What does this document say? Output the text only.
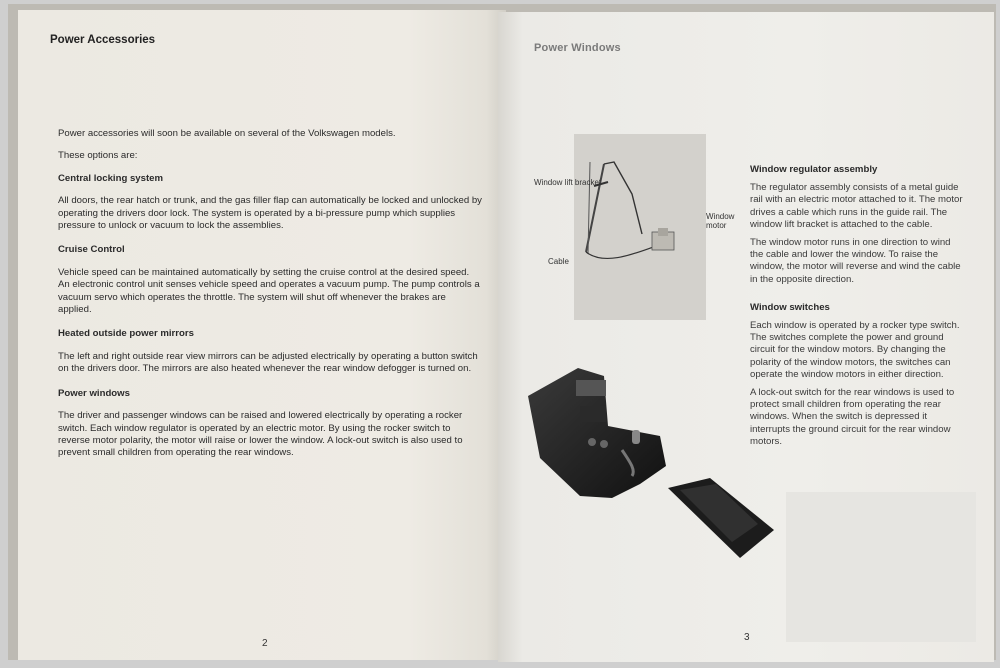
Power Accessories

Power accessories will soon be available on several of the Volkswagen models.

These options are:

Central locking system

All doors, the rear hatch or trunk, and the gas filler flap can automatically be locked and unlocked by operating the drivers door lock. The system is operated by a bi-pressure pump which supplies pressure to unlock or vacuum to lock the assemblies.

Cruise Control

Vehicle speed can be maintained automatically by setting the cruise control at the desired speed. An electronic control unit senses vehicle speed and operates a vacuum pump. The pump controls a vacuum servo which operates the throttle. The system will shut off whenever the brakes are applied.

Heated outside power mirrors

The left and right outside rear view mirrors can be adjusted electrically by operating a button switch on the drivers door. The mirrors are also heated whenever the rear window defogger is turned on.

Power windows

The driver and passenger windows can be raised and lowered electrically by operating a rocker switch. Each window regulator is operated by an electric motor. By using the rocker switch to reverse motor polarity, the motor will raise or lower the window. A lock-out switch is also used to prevent small children from operating the rear windows.

2
Power Windows
Window lift bracket
Window motor
Cable
Window regulator assembly

The regulator assembly consists of a metal guide rail with an electric motor attached to it. The motor drives a cable which runs in the guide rail. The window lift bracket is attached to the cable.

The window motor runs in one direction to wind the cable and lower the window. To raise the window, the motor will reverse and wind the cable in the opposite direction.

Window switches

Each window is operated by a rocker type switch. The switches complete the power and ground circuit for the window motors. By changing the polarity of the window motors, the switches can operate the window motors in either direction.

A lock-out switch for the rear windows is used to protect small children from operating the rear windows. When the switch is depressed it interrupts the ground circuit for the rear window motors.

3
